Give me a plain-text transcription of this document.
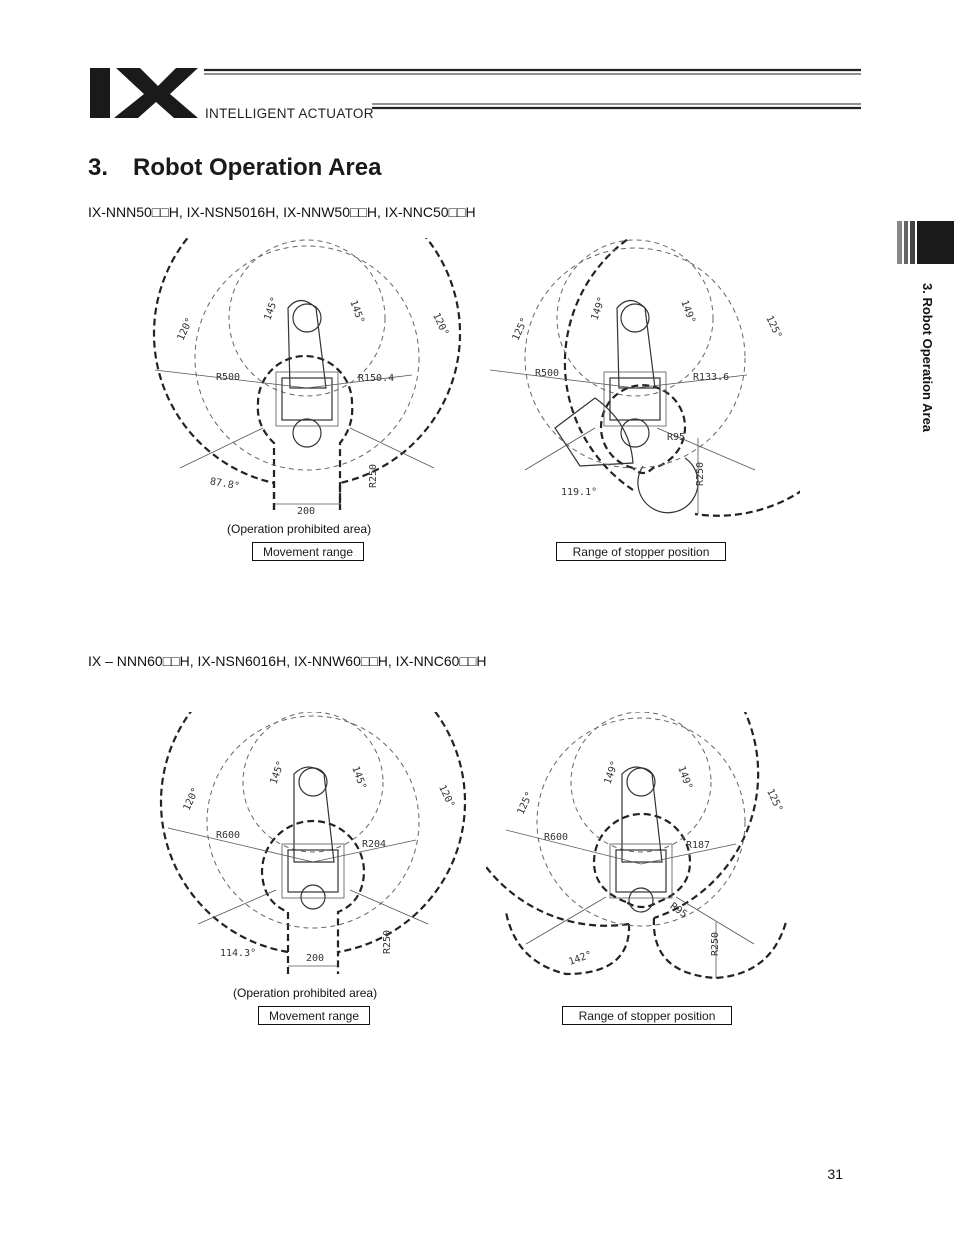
INTELLIGENT ACTUATOR
3. Robot Operation Area
3. Robot Operation Area
IX-NNN50□□H, IX-NSN5016H, IX-NNW50□□H, IX-NNC50□□H
145°	145°
120°	120°
R500	R150.4
R250
87.8°
200
149°	149°
125°	125°
R500	R133.6
R95
R250
119.1°
(Operation prohibited area)
Movement range	Range of stopper position
IX – NNN60□□H, IX-NSN6016H, IX-NNW60□□H, IX-NNC60□□H
145°	145°
120°	120°
R600
R204
R250
114.3°	200
149°	149°
125°	125°
R600
R187
R95
R250
142°
(Operation prohibited area)
Movement range	Range of stopper position
31
